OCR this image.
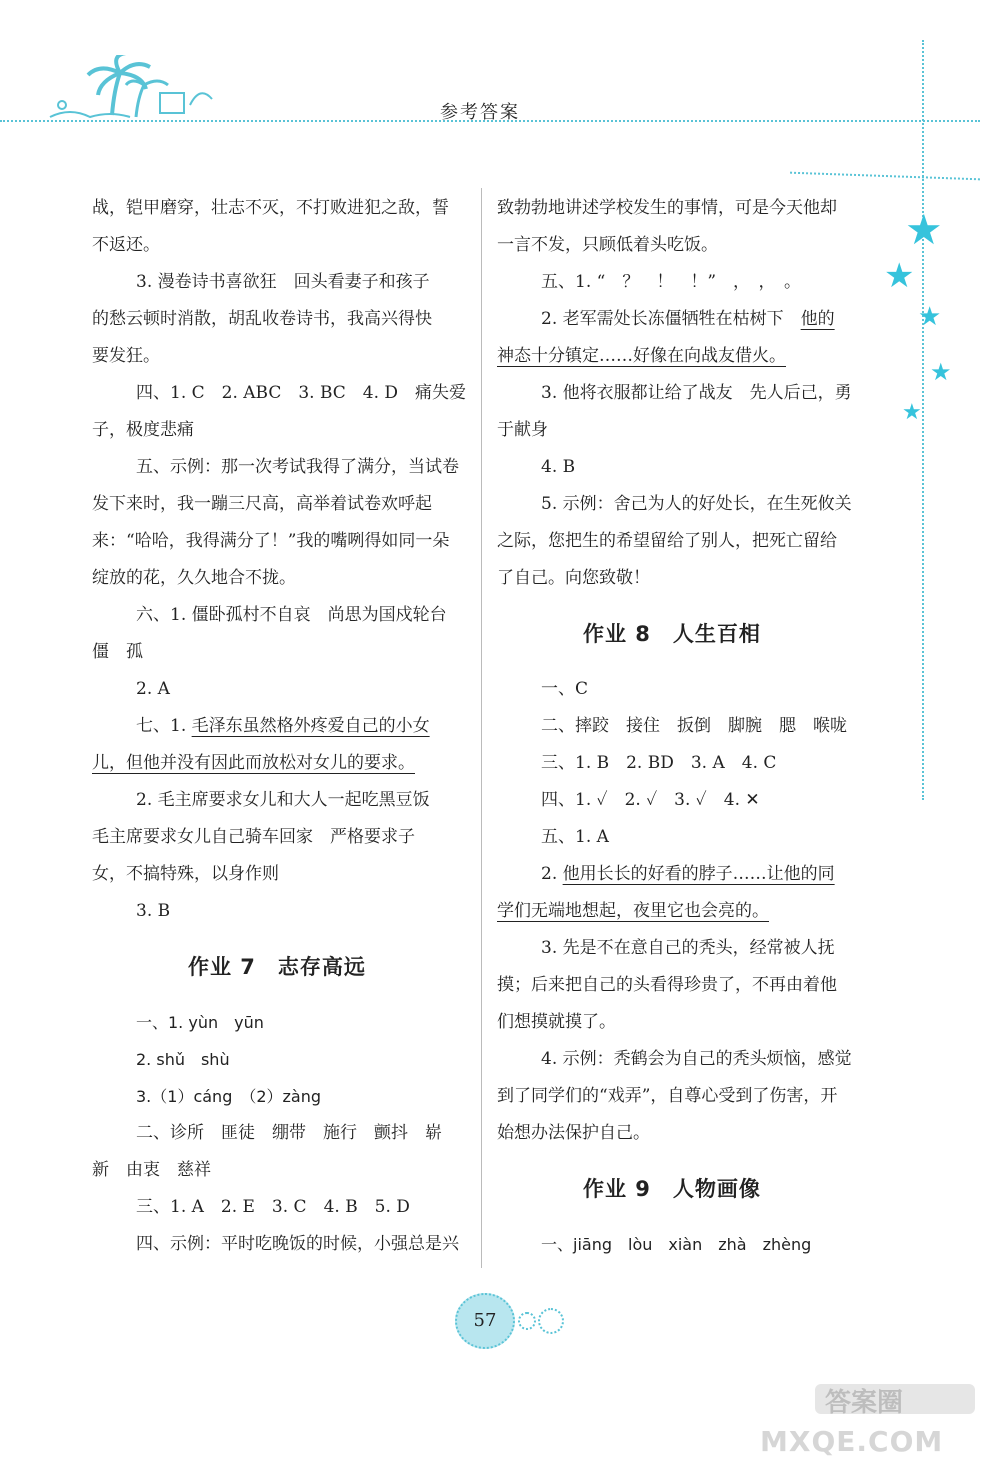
参考答案
★
★
★
★
★
战，铠甲磨穿，壮志不灭，不打败进犯之敌，誓
不返还。
3. 漫卷诗书喜欲狂　回头看妻子和孩子
的愁云顿时消散，胡乱收卷诗书，我高兴得快
要发狂。
四、1. C　2. ABC　3. BC　4. D　痛失爱
子，极度悲痛
五、示例：那一次考试我得了满分，当试卷
发下来时，我一蹦三尺高，高举着试卷欢呼起
来：“哈哈，我得满分了！”我的嘴咧得如同一朵
绽放的花，久久地合不拢。
六、1. 僵卧孤村不自哀　尚思为国戍轮台
僵　孤
2. A
七、1. 毛泽东虽然格外疼爱自己的小女
儿，但他并没有因此而放松对女儿的要求。
2. 毛主席要求女儿和大人一起吃黑豆饭
毛主席要求女儿自己骑车回家　严格要求子
女，不搞特殊，以身作则
3. B
作业 7　志存高远
一、1. yùn　yūn
2. shǔ　shù
3.（1）cáng　（2）zàng
二、诊所　匪徒　绷带　施行　颤抖　崭
新　由衷　慈祥
三、1. A　2. E　3. C　4. B　5. D
四、示例：平时吃晚饭的时候，小强总是兴
致勃勃地讲述学校发生的事情，可是今天他却
一言不发，只顾低着头吃饭。
五、1. “　？　！　！”　，　，　。
2. 老军需处长冻僵牺牲在枯树下　他的
神态十分镇定……好像在向战友借火。
3. 他将衣服都让给了战友　先人后己，勇
于献身
4. B
5. 示例：舍己为人的好处长，在生死攸关
之际，您把生的希望留给了别人，把死亡留给
了自己。向您致敬！
作业 8　人生百相
一、C
二、摔跤　接住　扳倒　脚腕　腮　喉咙
三、1. B　2. BD　3. A　4. C
四、1. ✓　2. ✓　3. ✓　4. ✕
五、1. A
2. 他用长长的好看的脖子……让他的同
学们无端地想起，夜里它也会亮的。
3. 先是不在意自己的秃头，经常被人抚
摸；后来把自己的头看得珍贵了，不再由着他
们想摸就摸了。
4. 示例：秃鹤会为自己的秃头烦恼，感觉
到了同学们的“戏弄”，自尊心受到了伤害，开
始想办法保护自己。
作业 9　人物画像
一、jiāng　lòu　xiàn　zhà　zhèng
57
答案圈
MXQE.COM
